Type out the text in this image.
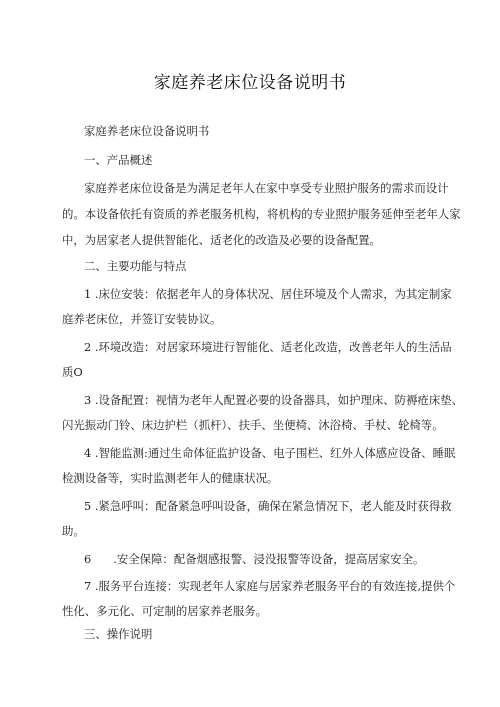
家庭养老床位设备说明书
家庭养老床位设备说明书
一、产品概述
家庭养老床位设备是为满足老年人在家中享受专业照护服务的需求而设计
的。本设备依托有资质的养老服务机构，将机构的专业照护服务延伸至老年人家
中，为居家老人提供智能化、适老化的改造及必要的设备配置。
二、主要功能与特点
1 .床位安装：依据老年人的身体状况、居住环境及个人需求，为其定制家
庭养老床位，并签订安装协议。
2 .环境改造：对居家环境进行智能化、适老化改造，改善老年人的生活品
质O
3 .设备配置：视情为老年人配置必要的设备器具，如护理床、防褥疮床垫、
闪光振动门铃、床边护栏（抓杆）、扶手、坐便椅、沐浴椅、手杖、轮椅等。
4 .智能监测:通过生命体征监护设备、电子围栏、红外人体感应设备、睡眠
检测设备等，实时监测老年人的健康状况。
5 .紧急呼叫：配备紧急呼叫设备，确保在紧急情况下，老人能及时获得救
助。
6 .安全保障：配备烟感报警、浸没报警等设备，提高居家安全。
7 .服务平台连接：实现老年人家庭与居家养老服务平台的有效连接,提供个
性化、多元化、可定制的居家养老服务。
三、操作说明
